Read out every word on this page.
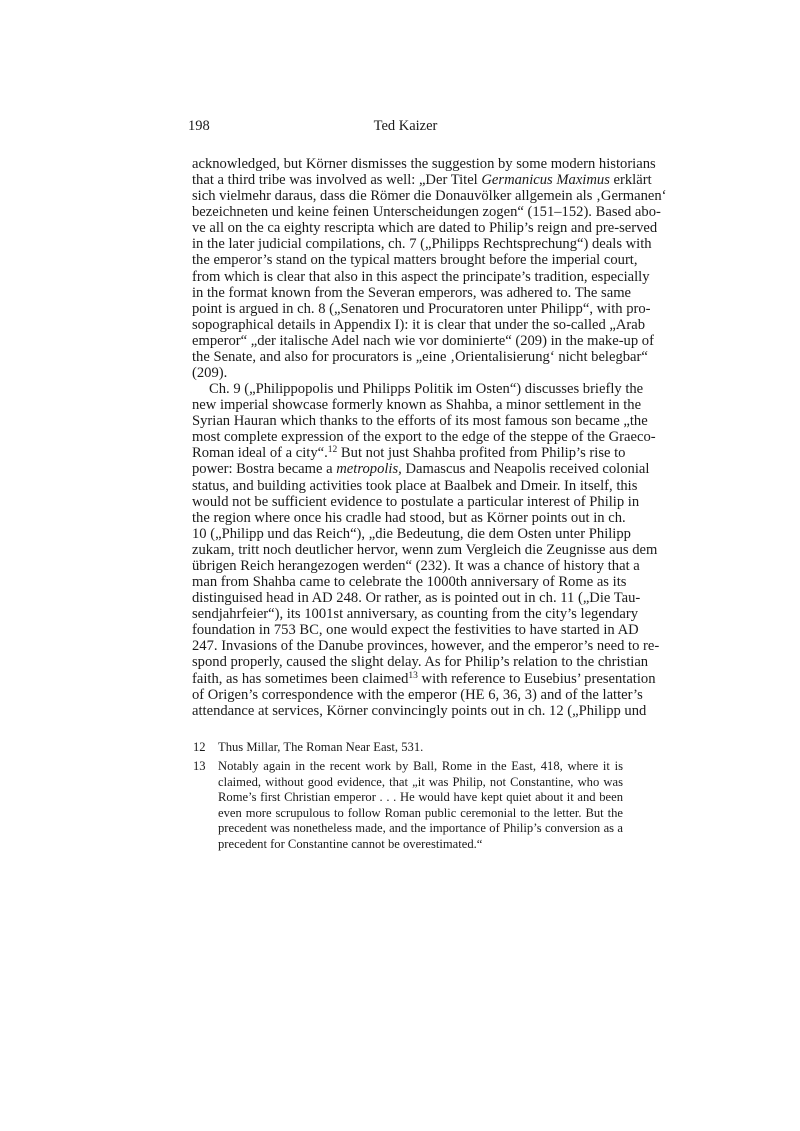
198	Ted Kaizer
acknowledged, but Körner dismisses the suggestion by some modern historians
that a third tribe was involved as well: „Der Titel Germanicus Maximus erklärt
sich vielmehr daraus, dass die Römer die Donauvölker allgemein als ‚Germanen‘
bezeichneten und keine feinen Unterscheidungen zogen“ (151–152). Based abo-
ve all on the ca eighty rescripta which are dated to Philip’s reign and pre-served
in the later judicial compilations, ch. 7 („Philipps Rechtsprechung“) deals with
the emperor’s stand on the typical matters brought before the imperial court,
from which is clear that also in this aspect the principate’s tradition, especially
in the format known from the Severan emperors, was adhered to. The same
point is argued in ch. 8 („Senatoren und Procuratoren unter Philipp“, with pro-
sopographical details in Appendix I): it is clear that under the so-called „Arab
emperor“ „der italische Adel nach wie vor dominierte“ (209) in the make-up of
the Senate, and also for procurators is „eine ‚Orientalisierung‘ nicht belegbar“
(209).
Ch. 9 („Philippopolis und Philipps Politik im Osten“) discusses briefly the
new imperial showcase formerly known as Shahba, a minor settlement in the
Syrian Hauran which thanks to the efforts of its most famous son became „the
most complete expression of the export to the edge of the steppe of the Graeco-
Roman ideal of a city“.$^{12}$ But not just Shahba profited from Philip’s rise to
power: Bostra became a metropolis, Damascus and Neapolis received colonial
status, and building activities took place at Baalbek and Dmeir. In itself, this
would not be sufficient evidence to postulate a particular interest of Philip in
the region where once his cradle had stood, but as Körner points out in ch.
10 („Philipp und das Reich“), „die Bedeutung, die dem Osten unter Philipp
zukam, tritt noch deutlicher hervor, wenn zum Vergleich die Zeugnisse aus dem
übrigen Reich herangezogen werden“ (232). It was a chance of history that a
man from Shahba came to celebrate the 1000th anniversary of Rome as its
distinguised head in AD 248. Or rather, as is pointed out in ch. 11 („Die Tau-
sendjahrfeier“), its 1001st anniversary, as counting from the city’s legendary
foundation in 753 BC, one would expect the festivities to have started in AD
247. Invasions of the Danube provinces, however, and the emperor’s need to re-
spond properly, caused the slight delay. As for Philip’s relation to the christian
faith, as has sometimes been claimed$^{13}$ with reference to Eusebius’ presentation
of Origen’s correspondence with the emperor (HE 6, 36, 3) and of the latter’s
attendance at services, Körner convincingly points out in ch. 12 („Philipp und
12 Thus Millar, The Roman Near East, 531.
13 Notably again in the recent work by Ball, Rome in the East, 418, where it is
claimed, without good evidence, that „it was Philip, not Constantine, who was
Rome’s first Christian emperor . . . He would have kept quiet about it and been
even more scrupulous to follow Roman public ceremonial to the letter. But the
precedent was nonetheless made, and the importance of Philip’s conversion as a
precedent for Constantine cannot be overestimated.“
